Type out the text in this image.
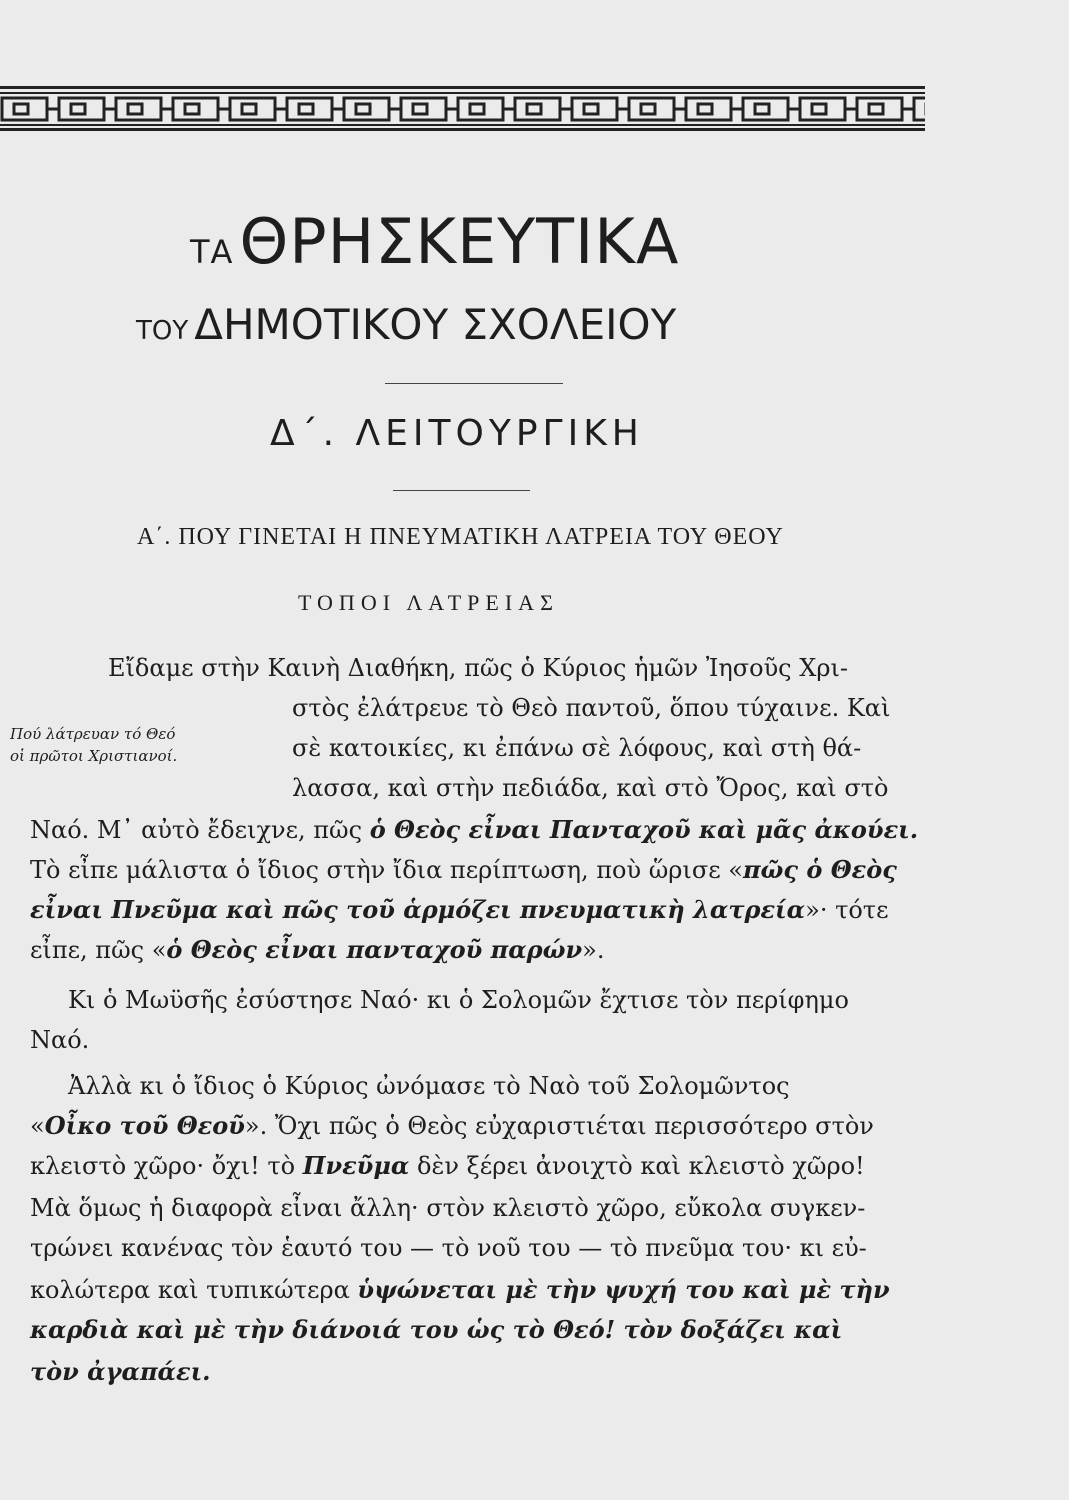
ΤΑΘΡΗΣΚΕΥΤΙΚΑ
ΤΟΥ ΔΗΜΟΤΙΚΟΥ ΣΧΟΛΕΙΟΥ
Δ΄. ΛΕΙΤΟΥΡΓΙΚΗ
Α΄. ΠΟΥ ΓΙΝΕΤΑΙ Η ΠΝΕΥΜΑΤΙΚΗ ΛΑΤΡΕΙΑ ΤΟΥ ΘΕΟΥ
ΤΟΠΟΙ ΛΑΤΡΕΙΑΣ
Πού λάτρευαν τό Θεό
οἱ πρῶτοι Χριστιανοί.
Εἴδαμε στὴν Καινὴ Διαθήκη, πῶς ὁ Κύριος ἡμῶν Ἰησοῦς Χρι-
στὸς ἐλάτρευε τὸ Θεὸ παντοῦ, ὅπου τύχαινε. Καὶ
σὲ κατοικίες, κι ἐπάνω σὲ λόφους, καὶ στὴ θά-
λασσα, καὶ στὴν πεδιάδα, καὶ στὸ Ὄρος, καὶ στὸ
Ναό. Μ᾽ αὐτὸ ἔδειχνε, πῶς ὁ Θεὸς εἶναι Πανταχοῦ καὶ μᾶς ἀκούει.
Τὸ εἶπε μάλιστα ὁ ἴδιος στὴν ἴδια περίπτωση, ποὺ ὥρισε «πῶς ὁ Θεὸς
εἶναι Πνεῦμα καὶ πῶς τοῦ ἁρμόζει πνευματικὴ λατρεία»· τότε
εἶπε, πῶς «ὁ Θεὸς εἶναι πανταχοῦ παρών».
Κι ὁ Μωϋσῆς ἐσύστησε Ναό· κι ὁ Σολομῶν ἔχτισε τὸν περίφημο
Ναό.
Ἀλλὰ κι ὁ ἴδιος ὁ Κύριος ὠνόμασε τὸ Ναὸ τοῦ Σολομῶντος
«Οἶκο τοῦ Θεοῦ». Ὄχι πῶς ὁ Θεὸς εὐχαριστιέται περισσότερο στὸν
κλειστὸ χῶρο· ὄχι! τὸ Πνεῦμα δὲν ξέρει ἀνοιχτὸ καὶ κλειστὸ χῶρο!
Μὰ ὅμως ἡ διαφορὰ εἶναι ἄλλη· στὸν κλειστὸ χῶρο, εὔκολα συγκεν-
τρώνει κανένας τὸν ἑαυτό του — τὸ νοῦ του — τὸ πνεῦμα του· κι εὐ-
κολώτερα καὶ τυπικώτερα ὑψώνεται μὲ τὴν ψυχή του καὶ μὲ τὴν
καρδιὰ καὶ μὲ τὴν διάνοιά του ὡς τὸ Θεό! τὸν δοξάζει καὶ
τὸν ἀγαπάει.
